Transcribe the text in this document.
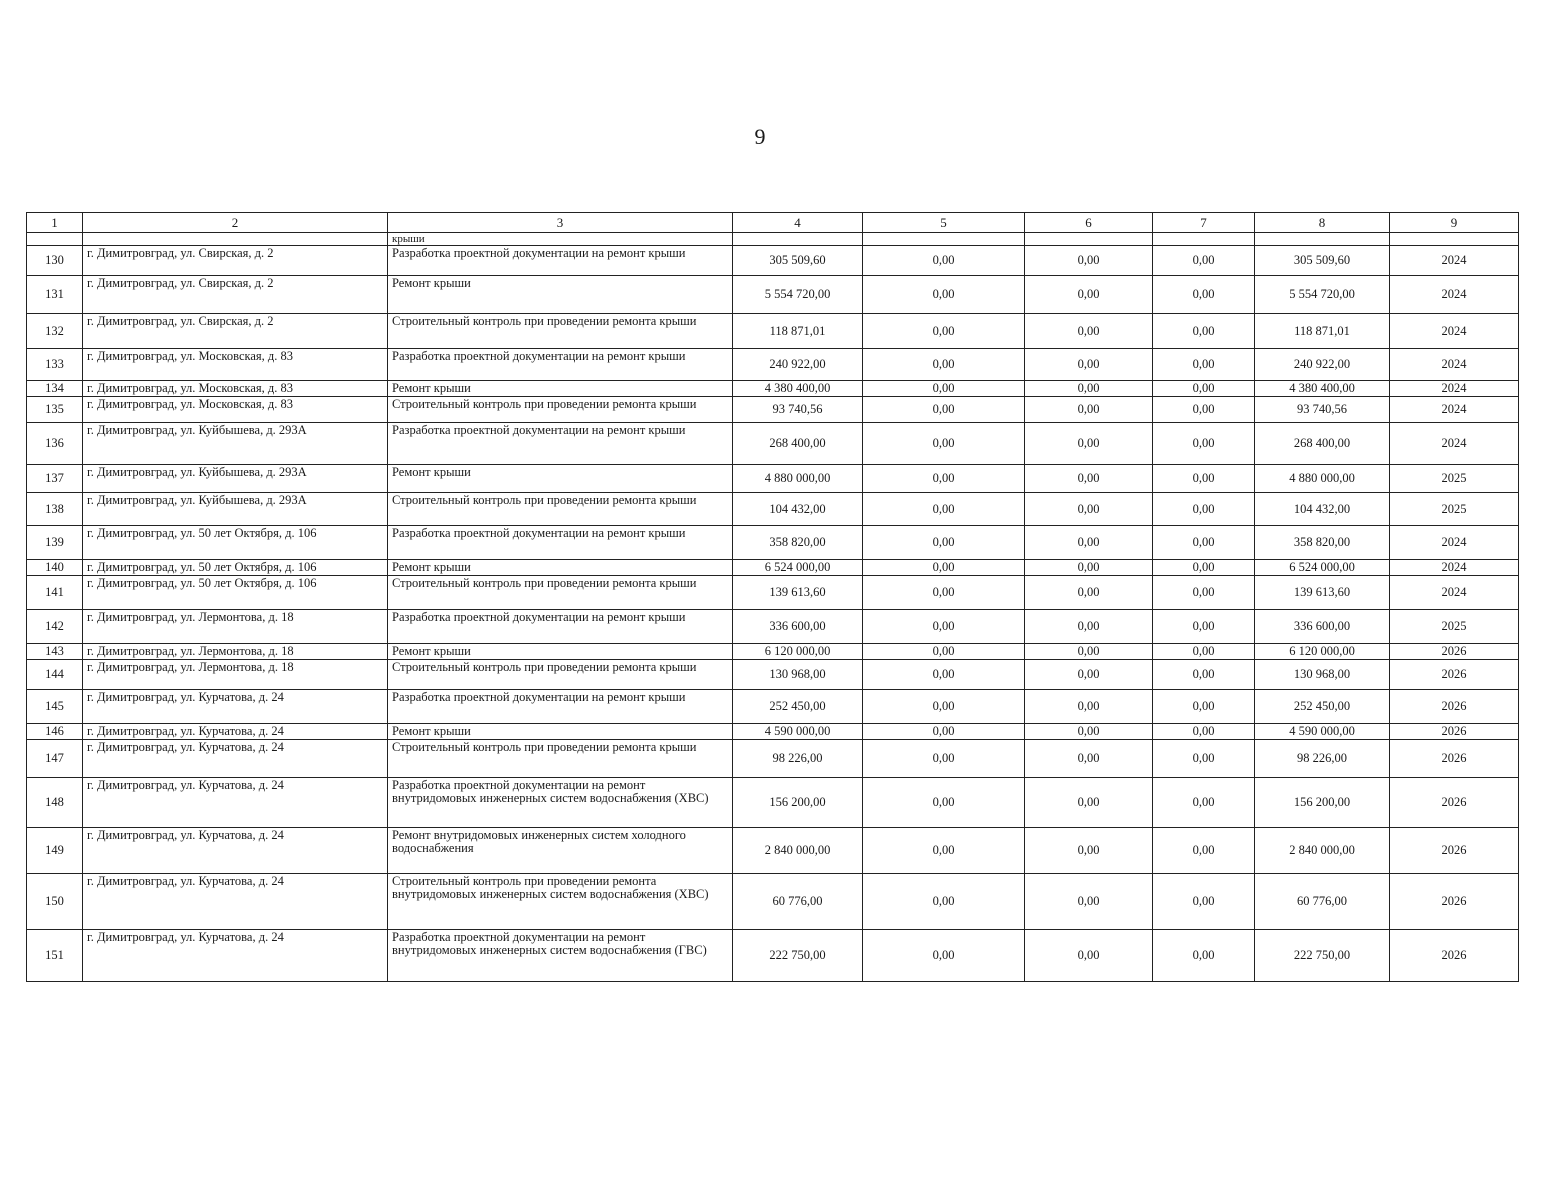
9
1	2	3	4	5	6	7	8	9
		крыши						
130	г. Димитровград, ул. Свирская, д. 2	Разработка проектной документации на ремонт крыши	305 509,60	0,00	0,00	0,00	305 509,60	2024
131	г. Димитровград, ул. Свирская, д. 2	Ремонт крыши	5 554 720,00	0,00	0,00	0,00	5 554 720,00	2024
132	г. Димитровград, ул. Свирская, д. 2	Строительный контроль при проведении ремонта крыши	118 871,01	0,00	0,00	0,00	118 871,01	2024
133	г. Димитровград, ул. Московская, д. 83	Разработка проектной документации на ремонт крыши	240 922,00	0,00	0,00	0,00	240 922,00	2024
134	г. Димитровград, ул. Московская, д. 83	Ремонт крыши	4 380 400,00	0,00	0,00	0,00	4 380 400,00	2024
135	г. Димитровград, ул. Московская, д. 83	Строительный контроль при проведении ремонта крыши	93 740,56	0,00	0,00	0,00	93 740,56	2024
136	г. Димитровград, ул. Куйбышева, д. 293А	Разработка проектной документации на ремонт крыши	268 400,00	0,00	0,00	0,00	268 400,00	2024
137	г. Димитровград, ул. Куйбышева, д. 293А	Ремонт крыши	4 880 000,00	0,00	0,00	0,00	4 880 000,00	2025
138	г. Димитровград, ул. Куйбышева, д. 293А	Строительный контроль при проведении ремонта крыши	104 432,00	0,00	0,00	0,00	104 432,00	2025
139	г. Димитровград, ул. 50 лет Октября, д. 106	Разработка проектной документации на ремонт крыши	358 820,00	0,00	0,00	0,00	358 820,00	2024
140	г. Димитровград, ул. 50 лет Октября, д. 106	Ремонт крыши	6 524 000,00	0,00	0,00	0,00	6 524 000,00	2024
141	г. Димитровград, ул. 50 лет Октября, д. 106	Строительный контроль при проведении ремонта крыши	139 613,60	0,00	0,00	0,00	139 613,60	2024
142	г. Димитровград, ул. Лермонтова, д. 18	Разработка проектной документации на ремонт крыши	336 600,00	0,00	0,00	0,00	336 600,00	2025
143	г. Димитровград, ул. Лермонтова, д. 18	Ремонт крыши	6 120 000,00	0,00	0,00	0,00	6 120 000,00	2026
144	г. Димитровград, ул. Лермонтова, д. 18	Строительный контроль при проведении ремонта крыши	130 968,00	0,00	0,00	0,00	130 968,00	2026
145	г. Димитровград, ул. Курчатова, д. 24	Разработка проектной документации на ремонт крыши	252 450,00	0,00	0,00	0,00	252 450,00	2026
146	г. Димитровград, ул. Курчатова, д. 24	Ремонт крыши	4 590 000,00	0,00	0,00	0,00	4 590 000,00	2026
147	г. Димитровград, ул. Курчатова, д. 24	Строительный контроль при проведении ремонта крыши	98 226,00	0,00	0,00	0,00	98 226,00	2026
148	г. Димитровград, ул. Курчатова, д. 24	Разработка проектной документации на ремонт внутридомовых инженерных систем водоснабжения (ХВС)	156 200,00	0,00	0,00	0,00	156 200,00	2026
149	г. Димитровград, ул. Курчатова, д. 24	Ремонт внутридомовых инженерных систем холодного водоснабжения	2 840 000,00	0,00	0,00	0,00	2 840 000,00	2026
150	г. Димитровград, ул. Курчатова, д. 24	Строительный контроль при проведении ремонта внутридомовых инженерных систем водоснабжения (ХВС)	60 776,00	0,00	0,00	0,00	60 776,00	2026
151	г. Димитровград, ул. Курчатова, д. 24	Разработка проектной документации на ремонт внутридомовых инженерных систем водоснабжения (ГВС)	222 750,00	0,00	0,00	0,00	222 750,00	2026
